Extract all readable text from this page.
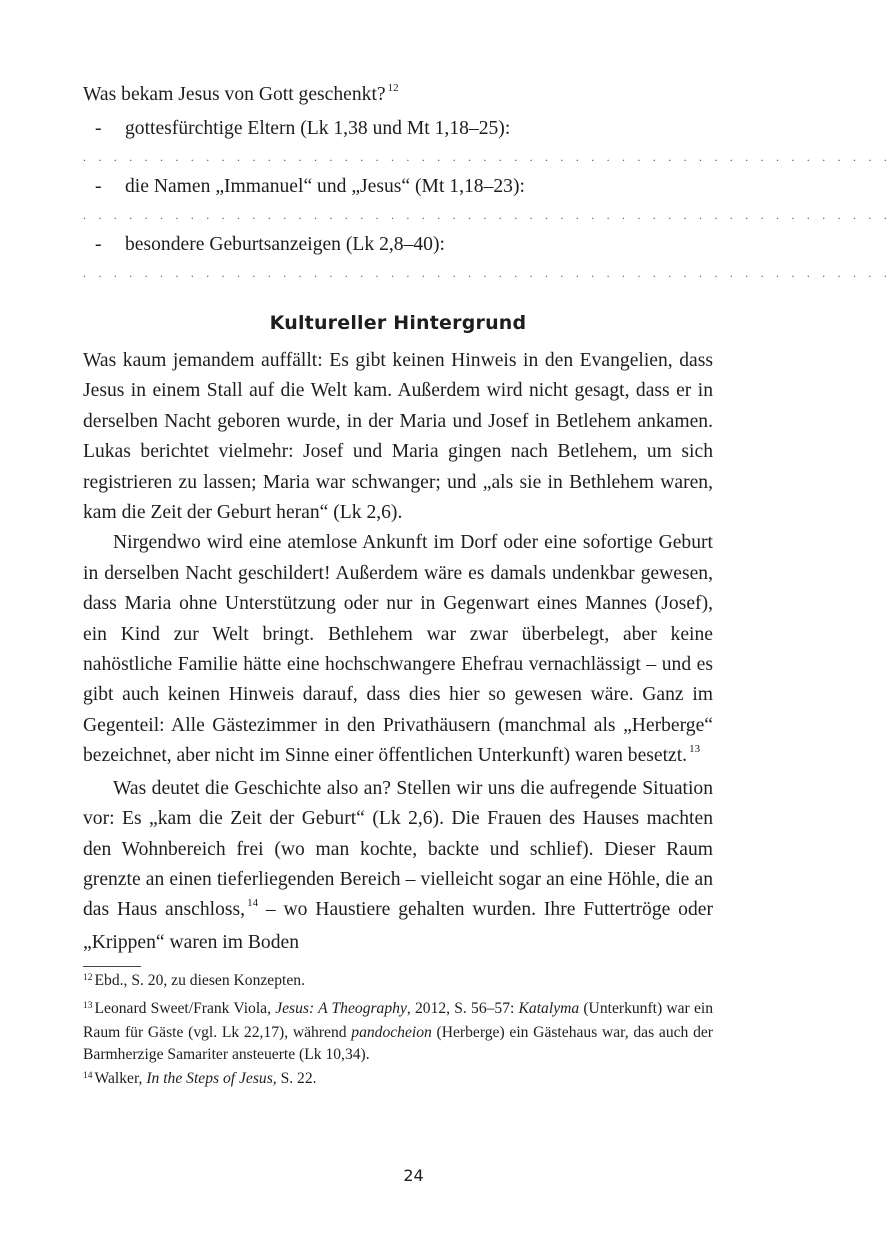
Was bekam Jesus von Gott geschenkt? $^{12}$

-	gottesfürchtige Eltern (Lk 1,38 und Mt 1,18–25):
. . . . . . . . . . . . . . . . . . . . . . . . . . . . . . . . . . . . . . . . . . . . . . . . . . . . .
-	die Namen „Immanuel“ und „Jesus“ (Mt 1,18–23):
. . . . . . . . . . . . . . . . . . . . . . . . . . . . . . . . . . . . . . . . . . . . . . . . . . . . .
-	besondere Geburtsanzeigen (Lk 2,8–40):
. . . . . . . . . . . . . . . . . . . . . . . . . . . . . . . . . . . . . . . . . . . . . . . . . . . . .
Kultureller Hintergrund

Was kaum jemandem auffällt: Es gibt keinen Hinweis in den Evangelien, dass Jesus in einem Stall auf die Welt kam. Außerdem wird nicht gesagt, dass er in derselben Nacht geboren wurde, in der Maria und Josef in Betlehem ankamen. Lukas berichtet vielmehr: Josef und Maria gingen nach Betlehem, um sich registrieren zu lassen; Maria war schwanger; und „als sie in Bethlehem waren, kam die Zeit der Geburt heran“ (Lk 2,6).

Nirgendwo wird eine atemlose Ankunft im Dorf oder eine sofortige Geburt in derselben Nacht geschildert! Außerdem wäre es damals undenkbar gewesen, dass Maria ohne Unterstützung oder nur in Gegenwart eines Mannes (Josef), ein Kind zur Welt bringt. Bethlehem war zwar überbelegt, aber keine nahöstliche Familie hätte eine hochschwangere Ehefrau vernachlässigt – und es gibt auch keinen Hinweis darauf, dass dies hier so gewesen wäre. Ganz im Gegenteil: Alle Gästezimmer in den Privathäusern (manchmal als „Herberge“ bezeichnet, aber nicht im Sinne einer öffentlichen Unterkunft) waren besetzt. $^{13}$

Was deutet die Geschichte also an? Stellen wir uns die aufregende Situation vor: Es „kam die Zeit der Geburt“ (Lk 2,6). Die Frauen des Hauses machten den Wohnbereich frei (wo man kochte, backte und schlief). Dieser Raum grenzte an einen tieferliegenden Bereich – vielleicht sogar an eine Höhle, die an das Haus anschloss, $^{14}$ – wo Haustiere gehalten wurden. Ihre Futtertröge oder „Krippen“ waren im Boden

$^{12}$ Ebd., S. 20, zu diesen Konzepten.

$^{13}$ Leonard Sweet/Frank Viola, Jesus: A Theography, 2012, S. 56–57: Katalyma (Unterkunft) war ein Raum für Gäste (vgl. Lk 22,17), während pandocheion (Herberge) ein Gästehaus war, das auch der Barmherzige Samariter ansteuerte (Lk 10,34).

$^{14}$ Walker, In the Steps of Jesus, S. 22.

24
